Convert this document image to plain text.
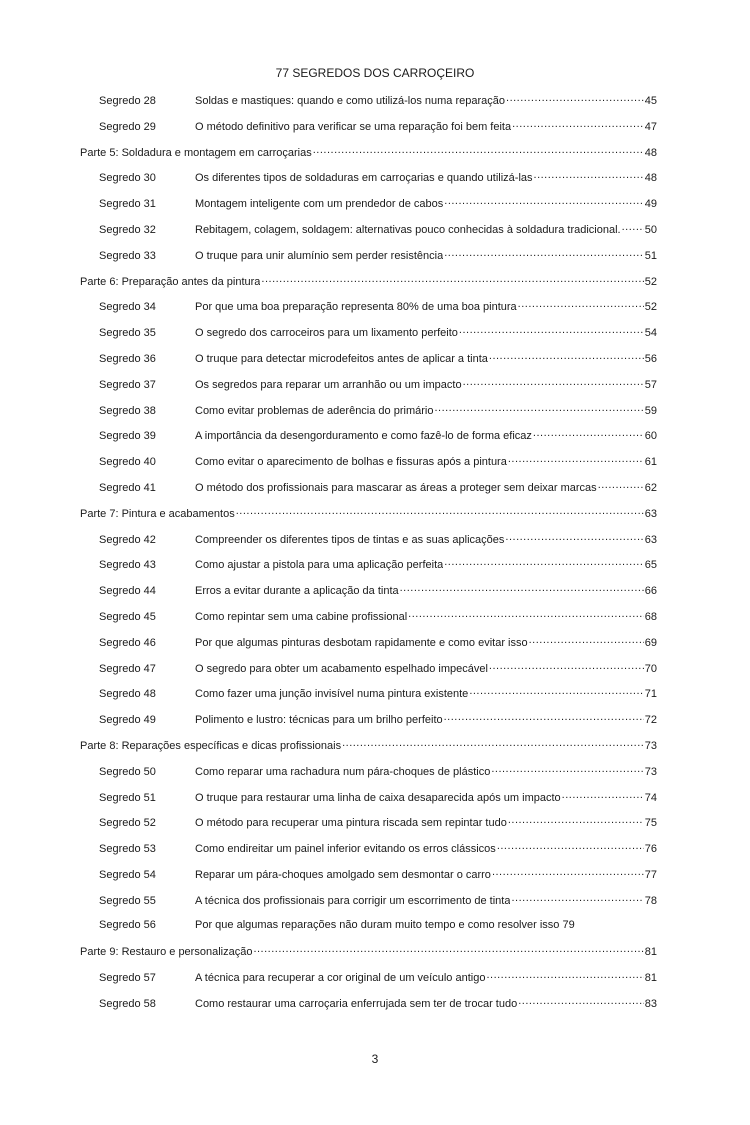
77 SEGREDOS DOS CARROÇEIRO
Segredo 28	Soldas e mastiques: quando e como utilizá-los numa reparação .....	45
Segredo 29	O método definitivo para verificar se uma reparação foi bem feita .....	47
Parte 5: Soldadura e montagem em carroçarias .....	48
Segredo 30	Os diferentes tipos de soldaduras em carroçarias e quando utilizá-las .....	48
Segredo 31	Montagem inteligente com um prendedor de cabos .....	49
Segredo 32	Rebitagem, colagem, soldagem: alternativas pouco conhecidas à soldadura tradicional. ..... 50
Segredo 33	O truque para unir alumínio sem perder resistência .....	51
Parte 6: Preparação antes da pintura .....	52
Segredo 34	Por que uma boa preparação representa 80% de uma boa pintura .....	52
Segredo 35	O segredo dos carroceiros para um lixamento perfeito .....	54
Segredo 36	O truque para detectar microdefeitos antes de aplicar a tinta .....	56
Segredo 37	Os segredos para reparar um arranhão ou um impacto .....	57
Segredo 38	Como evitar problemas de aderência do primário .....	59
Segredo 39	A importância da desengorduramento e como fazê-lo de forma eficaz .....	60
Segredo 40	Como evitar o aparecimento de bolhas e fissuras após a pintura .....	61
Segredo 41	O método dos profissionais para mascarar as áreas a proteger sem deixar marcas .....	62
Parte 7: Pintura e acabamentos .....	63
Segredo 42	Compreender os diferentes tipos de tintas e as suas aplicações .....	63
Segredo 43	Como ajustar a pistola para uma aplicação perfeita .....	65
Segredo 44	Erros a evitar durante a aplicação da tinta .....	66
Segredo 45	Como repintar sem uma cabine profissional .....	68
Segredo 46	Por que algumas pinturas desbotam rapidamente e como evitar isso .....	69
Segredo 47	O segredo para obter um acabamento espelhado impecável .....	70
Segredo 48	Como fazer uma junção invisível numa pintura existente .....	71
Segredo 49	Polimento e lustro: técnicas para um brilho perfeito .....	72
Parte 8: Reparações específicas e dicas profissionais .....	73
Segredo 50	Como reparar uma rachadura num pára-choques de plástico .....	73
Segredo 51	O truque para restaurar uma linha de caixa desaparecida após um impacto .....	74
Segredo 52	O método para recuperar uma pintura riscada sem repintar tudo .....	75
Segredo 53	Como endireitar um painel inferior evitando os erros clássicos .....	76
Segredo 54	Reparar um pára-choques amolgado sem desmontar o carro .....	77
Segredo 55	A técnica dos profissionais para corrigir um escorrimento de tinta .....	78
Segredo 56	Por que algumas reparações não duram muito tempo e como resolver isso 79
Parte 9: Restauro e personalização .....	81
Segredo 57	A técnica para recuperar a cor original de um veículo antigo .....	81
Segredo 58	Como restaurar uma carroçaria enferrujada sem ter de trocar tudo .....	83
3
